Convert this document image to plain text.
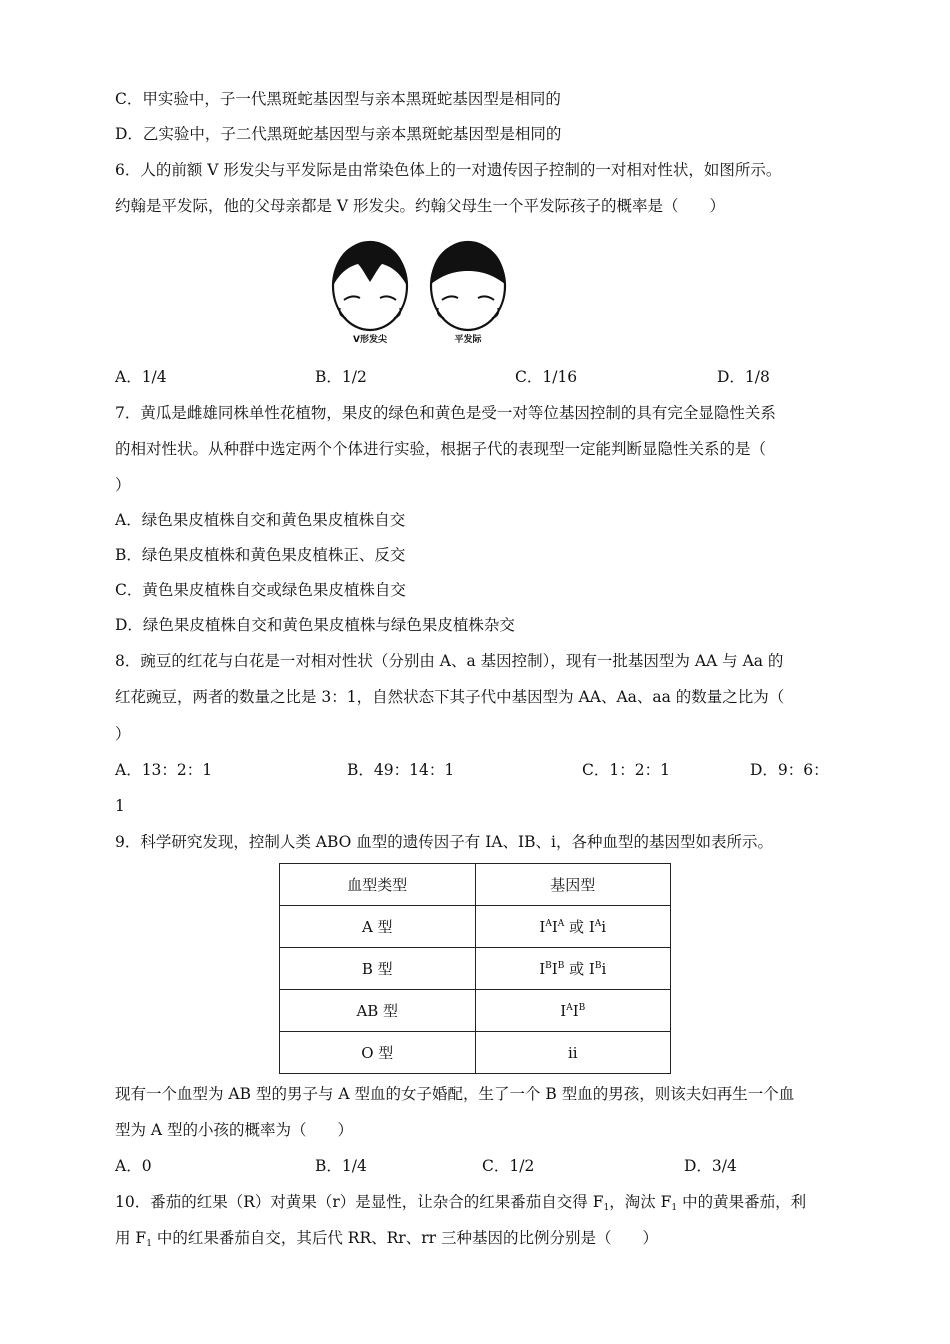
C．甲实验中，子一代黑斑蛇基因型与亲本黑斑蛇基因型是相同的
D．乙实验中，子二代黑斑蛇基因型与亲本黑斑蛇基因型是相同的
6．人的前额 V 形发尖与平发际是由常染色体上的一对遗传因子控制的一对相对性状，如图所示。
约翰是平发际，他的父母亲都是 V 形发尖。约翰父母生一个平发际孩子的概率是（　　）
V形发尖	平发际
A．1/4	B．1/2	C．1/16	D．1/8
7．黄瓜是雌雄同株单性花植物，果皮的绿色和黄色是受一对等位基因控制的具有完全显隐性关系
的相对性状。从种群中选定两个个体进行实验，根据子代的表现型一定能判断显隐性关系的是（
）
A．绿色果皮植株自交和黄色果皮植株自交
B．绿色果皮植株和黄色果皮植株正、反交
C．黄色果皮植株自交或绿色果皮植株自交
D．绿色果皮植株自交和黄色果皮植株与绿色果皮植株杂交
8．豌豆的红花与白花是一对相对性状（分别由 A、a 基因控制），现有一批基因型为 AA 与 Aa 的
红花豌豆，两者的数量之比是 3：1，自然状态下其子代中基因型为 AA、Aa、aa 的数量之比为（
）
A．13：2：1	B．49：14：1	C．1：2：1	D．9：6：
1
9．科学研究发现，控制人类 ABO 血型的遗传因子有 IA、IB、i，各种血型的基因型如表所示。
血型类型	基因型
A 型	$I^AI^A$ 或 $I^Ai$
B 型	$I^BI^B$ 或 $I^Bi$
AB 型	$I^AI^B$
O 型	ii
现有一个血型为 AB 型的男子与 A 型血的女子婚配，生了一个 B 型血的男孩，则该夫妇再生一个血
型为 A 型的小孩的概率为（　　）
A．0	B．1/4	C．1/2	D．3/4
10．番茄的红果（R）对黄果（r）是显性，让杂合的红果番茄自交得 $F_1$，淘汰 $F_1$ 中的黄果番茄，利
用 $F_1$ 中的红果番茄自交，其后代 RR、Rr、rr 三种基因的比例分别是（　　）
